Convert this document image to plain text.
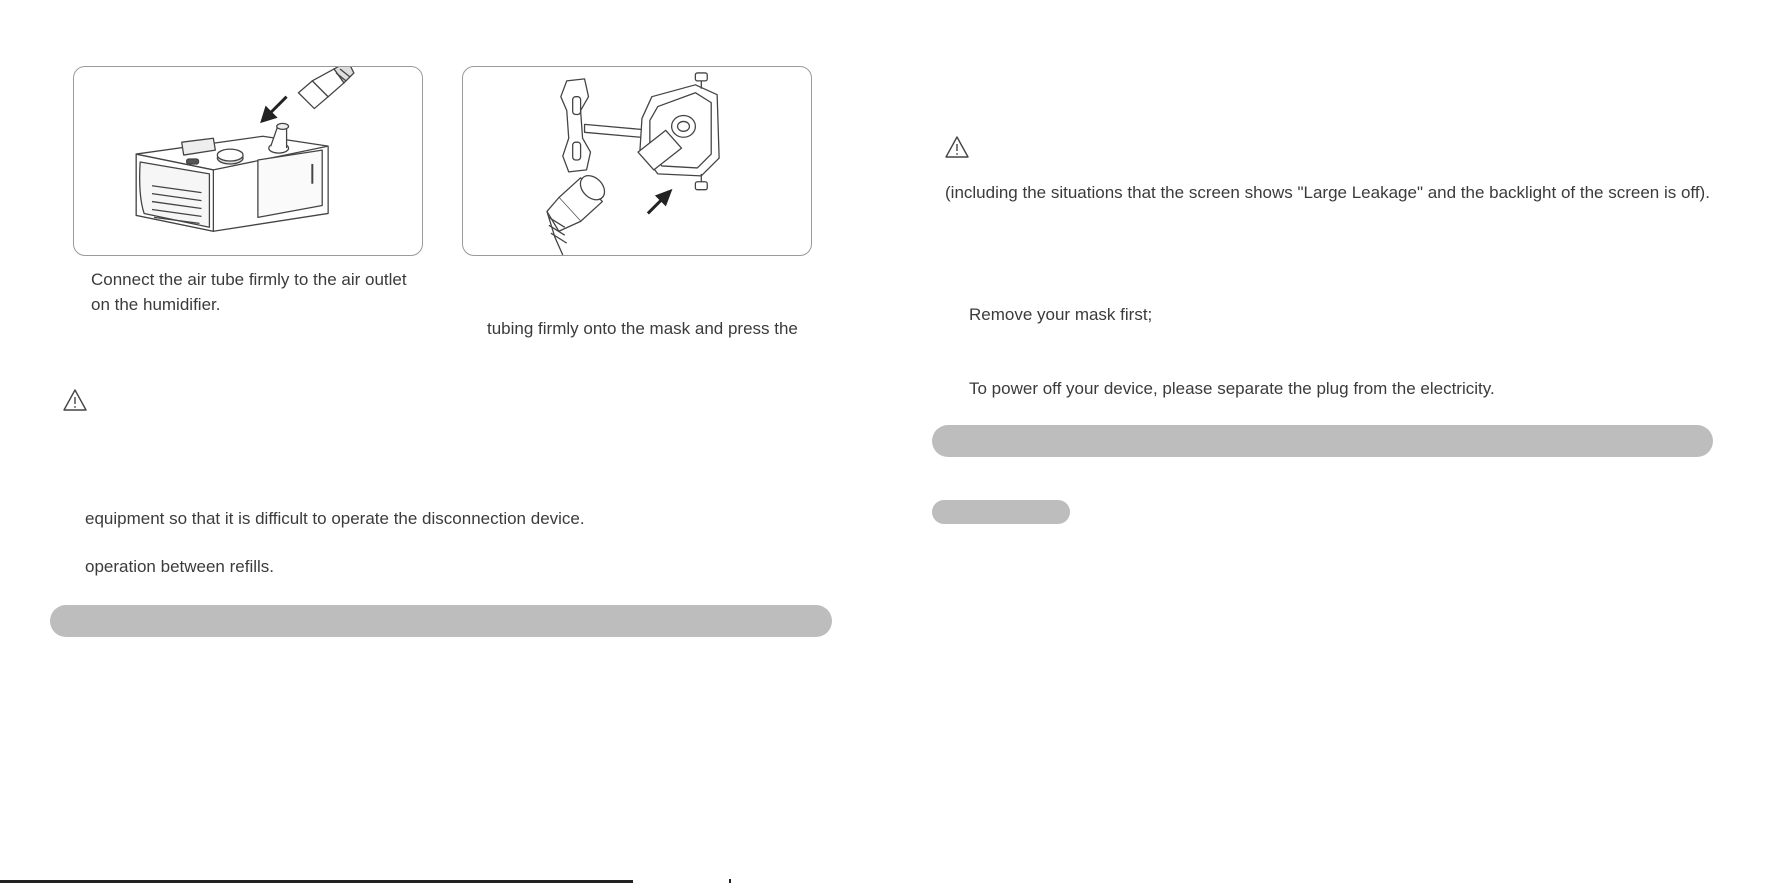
Connect the air tube firmly to the air outlet
on the humidifier.
tubing firmly onto the mask and press the
equipment so that it is difficult to operate the disconnection device.
operation between refills.
(including the situations that the screen shows "Large Leakage" and the backlight of the screen is off).
Remove your mask first;
To power off your device, please separate the plug from the electricity.
